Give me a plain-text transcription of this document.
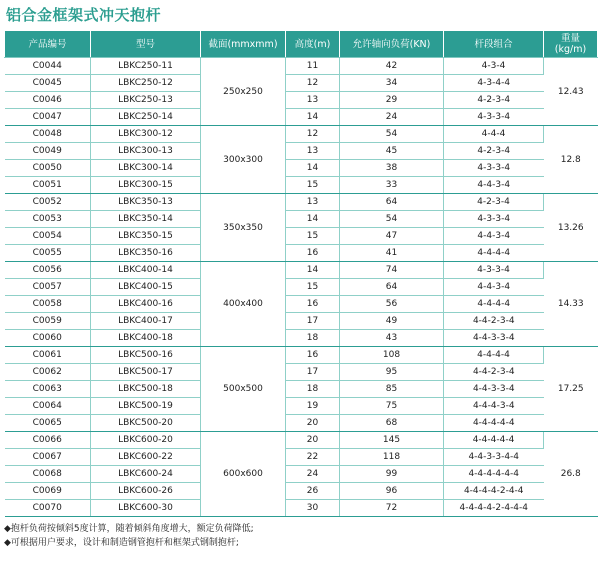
铝合金框架式冲天抱杆
产品编号	型号	截面(mmxmm)	高度(m)	允许轴向负荷(KN)	杆段组合	重量
(kg/m)
C0044	LBKC250-11	250x250	11	42	4-3-4	12.43
C0045	LBKC250-12		12	34	4-3-4-4	
C0046	LBKC250-13		13	29	4-2-3-4	
C0047	LBKC250-14		14	24	4-3-3-4	
C0048	LBKC300-12	300x300	12	54	4-4-4	12.8
C0049	LBKC300-13		13	45	4-2-3-4	
C0050	LBKC300-14		14	38	4-3-3-4	
C0051	LBKC300-15		15	33	4-4-3-4	
C0052	LBKC350-13	350x350	13	64	4-2-3-4	13.26
C0053	LBKC350-14		14	54	4-3-3-4	
C0054	LBKC350-15		15	47	4-4-3-4	
C0055	LBKC350-16		16	41	4-4-4-4	
C0056	LBKC400-14	400x400	14	74	4-3-3-4	14.33
C0057	LBKC400-15		15	64	4-4-3-4	
C0058	LBKC400-16		16	56	4-4-4-4	
C0059	LBKC400-17		17	49	4-4-2-3-4	
C0060	LBKC400-18		18	43	4-4-3-3-4	
C0061	LBKC500-16	500x500	16	108	4-4-4-4	17.25
C0062	LBKC500-17		17	95	4-4-2-3-4	
C0063	LBKC500-18		18	85	4-4-3-3-4	
C0064	LBKC500-19		19	75	4-4-4-3-4	
C0065	LBKC500-20		20	68	4-4-4-4-4	
C0066	LBKC600-20	600x600	20	145	4-4-4-4-4	26.8
C0067	LBKC600-22		22	118	4-4-3-3-4-4	
C0068	LBKC600-24		24	99	4-4-4-4-4-4	
C0069	LBKC600-26		26	96	4-4-4-4-2-4-4	
C0070	LBKC600-30		30	72	4-4-4-4-2-4-4-4	
◆抱杆负荷按倾斜5度计算，随着倾斜角度增大，额定负荷降低;
◆可根据用户要求，设计和制造钢管抱杆和框架式钢制抱杆;
